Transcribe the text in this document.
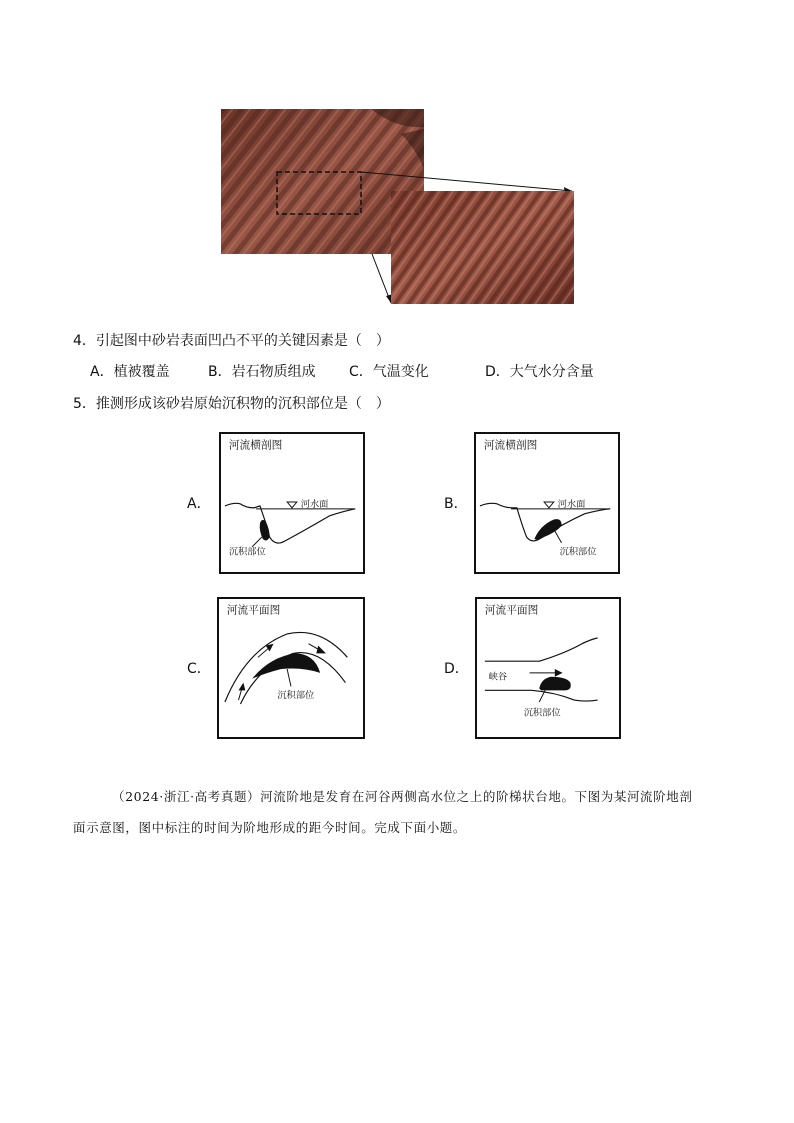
4．引起图中砂岩表面凹凸不平的关键因素是（　）
A．植被覆盖	B．岩石物质组成 C．气温变化	D．大气水分含量
5．推测形成该砂岩原始沉积物的沉积部位是（　）
A．
河流横剖图
河水面
沉积部位
B．
河流横剖图
河水面
沉积部位
C．
河流平面图
沉积部位
D．
河流平面图
峡谷
沉积部位
（2024·浙江·高考真题）河流阶地是发育在河谷两侧高水位之上的阶梯状台地。下图为某河流阶地剖
面示意图，图中标注的时间为阶地形成的距今时间。完成下面小题。
